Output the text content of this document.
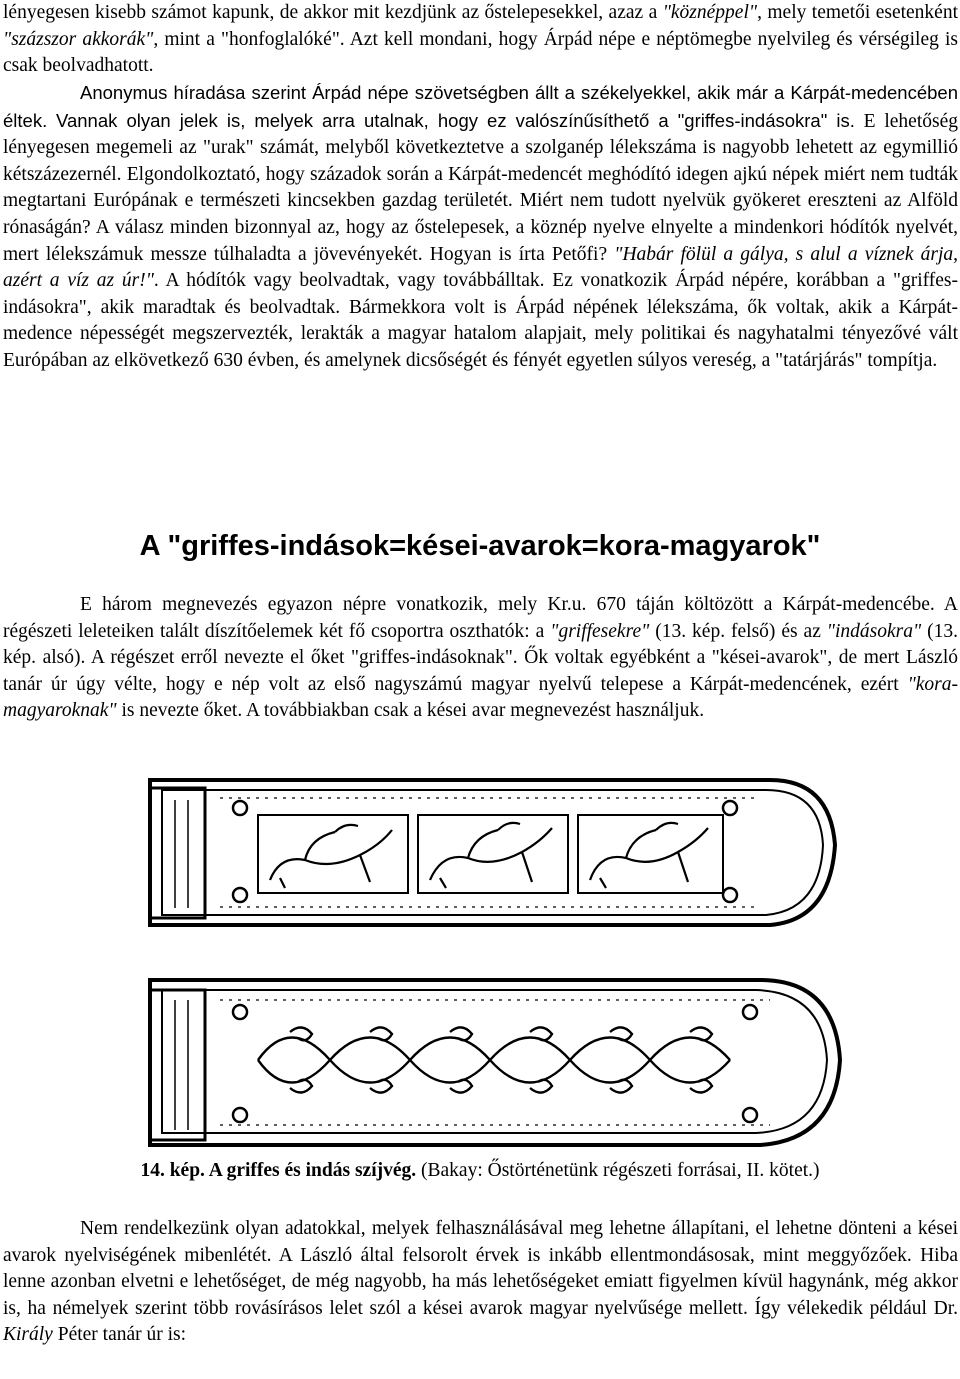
lényegesen kisebb számot kapunk, de akkor mit kezdjünk az őstelepesekkel, azaz a "köznéppel", mely temetői esetenként "százszor akkorák", mint a "honfoglalóké". Azt kell mondani, hogy Árpád népe e néptömegbe nyelvileg és vérségileg is csak beolvadhatott.

Anonymus híradása szerint Árpád népe szövetségben állt a székelyekkel, akik már a Kárpát-medencében éltek. Vannak olyan jelek is, melyek arra utalnak, hogy ez valószínűsíthető a "griffes-indásokra" is. E lehetőség lényegesen megemeli az "urak" számát, melyből következtetve a szolganép lélekszáma is nagyobb lehetett az egymillió kétszázezernél. Elgondolkoztató, hogy századok során a Kárpát-medencét meghódító idegen ajkú népek miért nem tudták megtartani Európának e természeti kincsekben gazdag területét. Miért nem tudott nyelvük gyökeret ereszteni az Alföld rónaságán? A válasz minden bizonnyal az, hogy az őstelepesek, a köznép nyelve elnyelte a mindenkori hódítók nyelvét, mert lélekszámuk messze túlhaladta a jövevényekét. Hogyan is írta Petőfi? "Habár fölül a gálya, s alul a víznek árja, azért a víz az úr!". A hódítók vagy beolvadtak, vagy továbbálltak. Ez vonatkozik Árpád népére, korábban a "griffes-indásokra", akik maradtak és beolvadtak. Bármekkora volt is Árpád népének lélekszáma, ők voltak, akik a Kárpát-medence népességét megszervezték, lerakták a magyar hatalom alapjait, mely politikai és nagyhatalmi tényezővé vált Európában az elkövetkező 630 évben, és amelynek dicsőségét és fényét egyetlen súlyos vereség, a "tatárjárás" tompítja.

A "griffes-indások=kései-avarok=kora-magyarok"

E három megnevezés egyazon népre vonatkozik, mely Kr.u. 670 táján költözött a Kárpát-medencébe. A régészeti leleteiken talált díszítőelemek két fő csoportra oszthatók: a "griffesekre" (13. kép. felső) és az "indásokra" (13. kép. alsó). A régészet erről nevezte el őket "griffes-indásoknak". Ők voltak egyébként a "kései-avarok", de mert László tanár úr úgy vélte, hogy e nép volt az első nagyszámú magyar nyelvű telepese a Kárpát-medencének, ezért "kora-magyaroknak" is nevezte őket. A továbbiakban csak a kései avar megnevezést használjuk.

14. kép. A griffes és indás szíjvég. (Bakay: Őstörténetünk régészeti forrásai, II. kötet.)

Nem rendelkezünk olyan adatokkal, melyek felhasználásával meg lehetne állapítani, el lehetne dönteni a kései avarok nyelviségének mibenlétét. A László által felsorolt érvek is inkább ellentmondásosak, mint meggyőzőek. Hiba lenne azonban elvetni e lehetőséget, de még nagyobb, ha más lehetőségeket emiatt figyelmen kívül hagynánk, még akkor is, ha némelyek szerint több rovásírásos lelet szól a kései avarok magyar nyelvűsége mellett. Így vélekedik például Dr. Király Péter tanár úr is:
